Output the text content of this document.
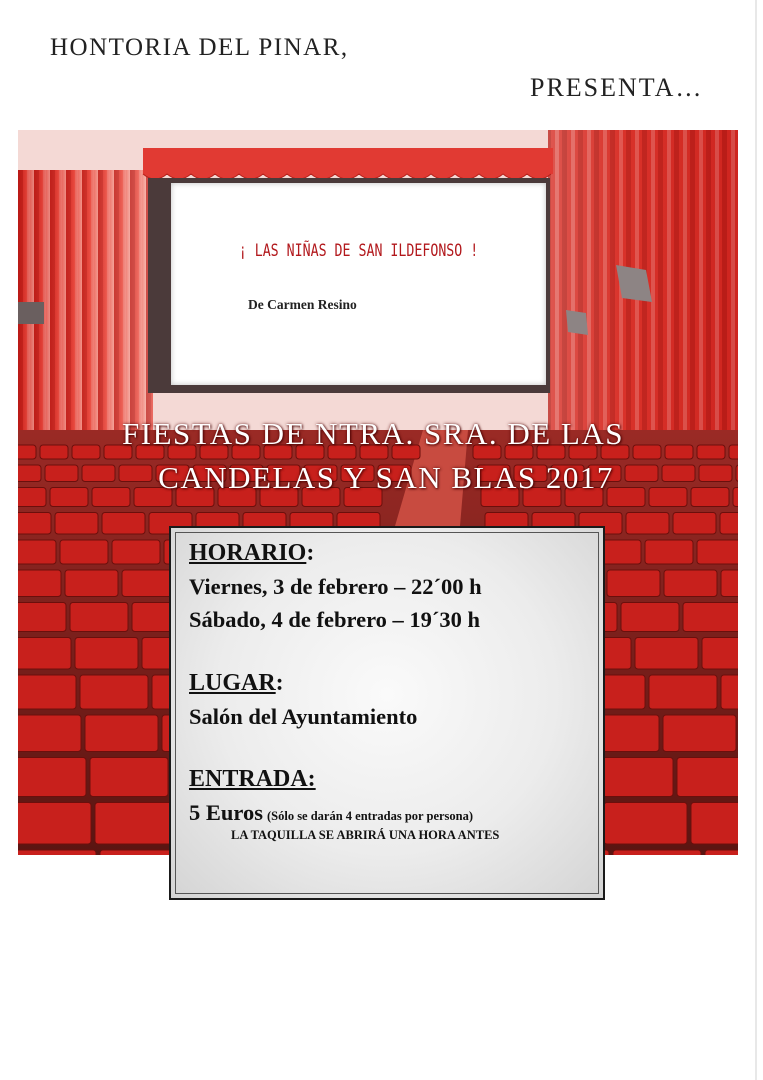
HONTORIA DEL PINAR,
PRESENTA…
¡ LAS NIÑAS DE SAN ILDEFONSO !
De Carmen Resino
FIESTAS DE NTRA. SRA. DE LAS
CANDELAS Y SAN BLAS 2017
HORARIO:
Viernes, 3 de febrero – 22´00 h
Sábado, 4 de febrero – 19´30 h
LUGAR:
Salón del Ayuntamiento
ENTRADA:
5 Euros (Sólo se darán 4 entradas por persona)
LA TAQUILLA SE ABRIRÁ UNA HORA ANTES
